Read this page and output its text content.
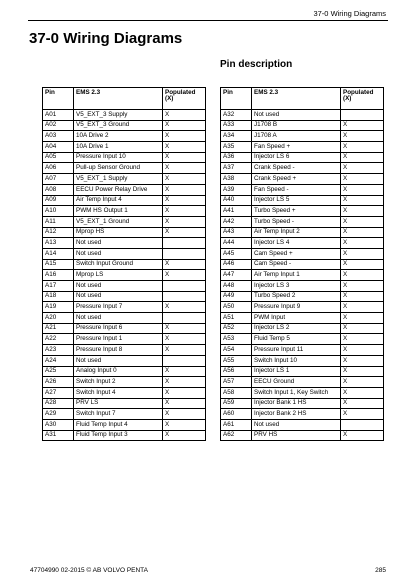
37-0 Wiring Diagrams
37-0 Wiring Diagrams
Pin description
Pin	EMS 2.3	Populated (X)
A01	V5_EXT_3 Supply	X
A02	V5_EXT_3 Ground	X
A03	10A Drive 2	X
A04	10A Drive 1	X
A05	Pressure Input 10	X
A06	Pull-up Sensor Ground	X
A07	V5_EXT_1 Supply	X
A08	EECU Power Relay Drive	X
A09	Air Temp Input 4	X
A10	PWM HS Output 1	X
A11	V5_EXT_1 Ground	X
A12	Mprop HS	X
A13	Not used	
A14	Not used	
A15	Switch Input Ground	X
A16	Mprop LS	X
A17	Not used	
A18	Not used	
A19	Pressure Input 7	X
A20	Not used	
A21	Pressure Input 6	X
A22	Pressure Input 1	X
A23	Pressure Input 8	X
A24	Not used	
A25	Analog Input 0	X
A26	Switch Input 2	X
A27	Switch Input 4	X
A28	PRV LS	X
A29	Switch Input 7	X
A30	Fluid Temp Input 4	X
A31	Fluid Temp Input 3	X
Pin	EMS 2.3	Populated (X)
A32	Not used	
A33	J1708 B	X
A34	J1708 A	X
A35	Fan Speed +	X
A36	Injector LS 6	X
A37	Crank Speed -	X
A38	Crank Speed +	X
A39	Fan Speed -	X
A40	Injector LS 5	X
A41	Turbo Speed +	X
A42	Turbo Speed -	X
A43	Air Temp Input 2	X
A44	Injector LS 4	X
A45	Cam Speed +	X
A46	Cam Speed -	X
A47	Air Temp Input 1	X
A48	Injector LS 3	X
A49	Turbo Speed 2	X
A50	Pressure Input 9	X
A51	PWM Input	X
A52	Injector LS 2	X
A53	Fluid Temp 5	X
A54	Pressure Input 11	X
A55	Switch Input 10	X
A56	Injector LS 1	X
A57	EECU Ground	X
A58	Switch Input 1, Key Switch	X
A59	Injector Bank 1 HS	X
A60	Injector Bank 2 HS	X
A61	Not used	
A62	PRV HS	X
47704990 02-2015 © AB VOLVO PENTA	285
